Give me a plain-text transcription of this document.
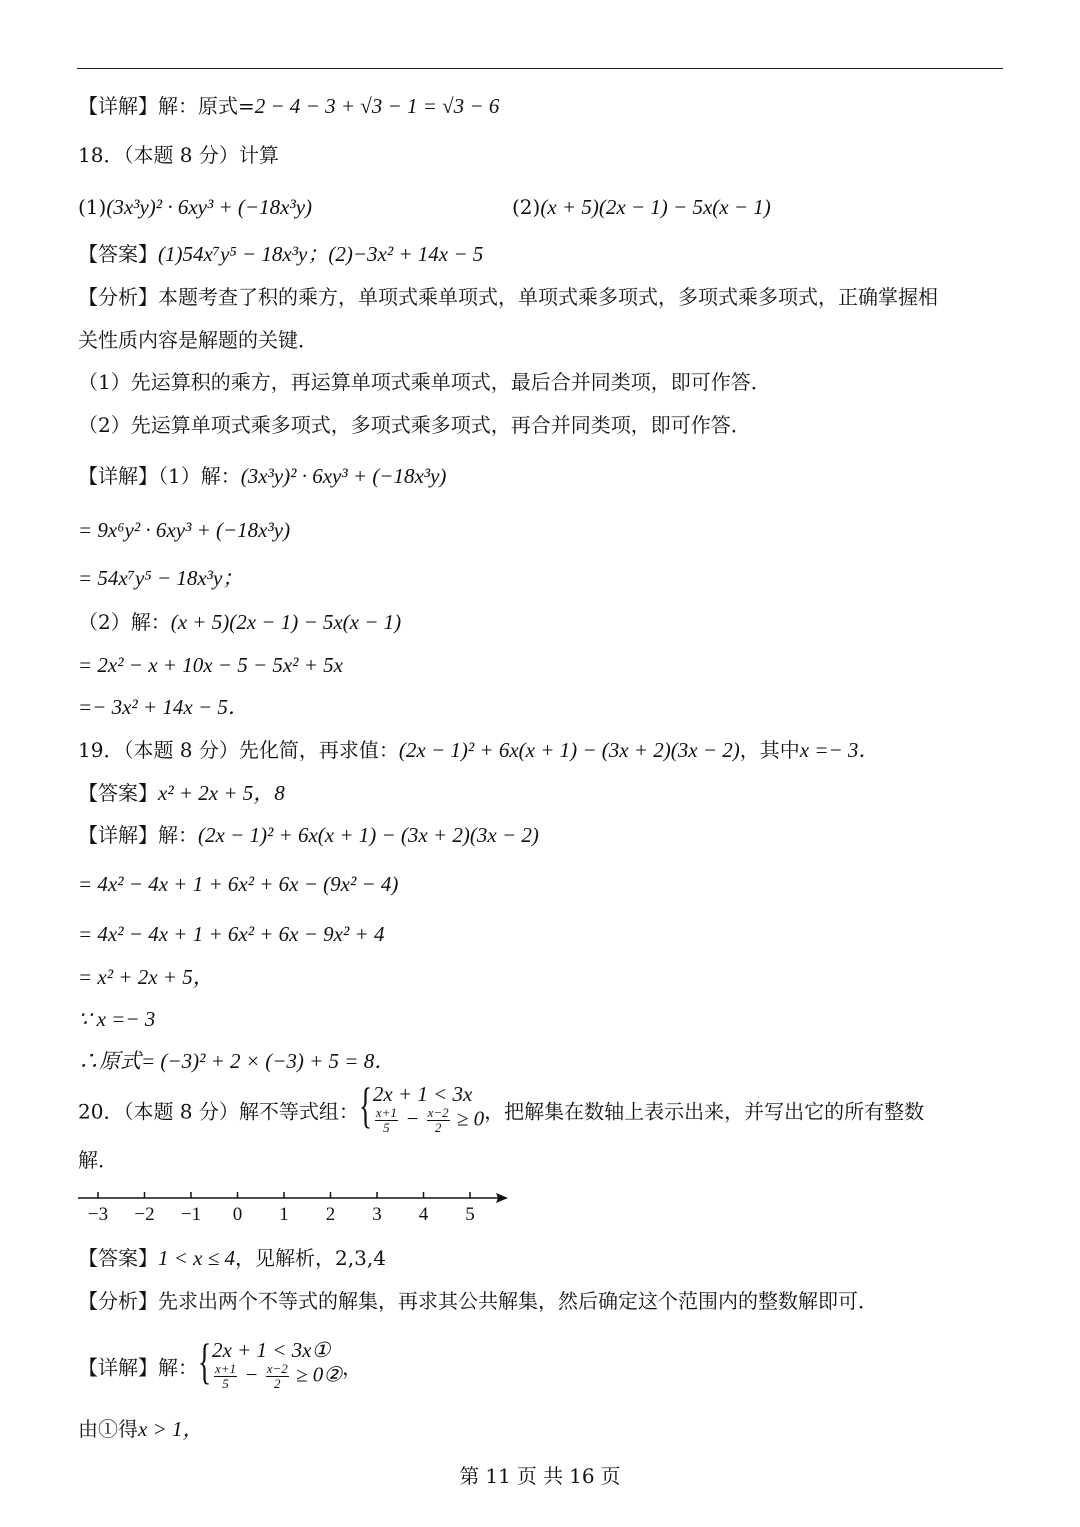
【详解】解：原式=2 − 4 − 3 + √3 − 1 = √3 − 6
18．（本题 8 分）计算
(1)(3x³y)² · 6xy³ + (−18x³y)	(2)(x + 5)(2x − 1) − 5x(x − 1)
【答案】(1)54x⁷y⁵ − 18x³y；(2)−3x² + 14x − 5
【分析】本题考查了积的乘方，单项式乘单项式，单项式乘多项式，多项式乘多项式，正确掌握相
关性质内容是解题的关键．
（1）先运算积的乘方，再运算单项式乘单项式，最后合并同类项，即可作答．
（2）先运算单项式乘多项式，多项式乘多项式，再合并同类项，即可作答．
【详解】（1）解：(3x³y)² · 6xy³ + (−18x³y)
= 9x⁶y² · 6xy³ + (−18x³y)
= 54x⁷y⁵ − 18x³y；
（2）解：(x + 5)(2x − 1) − 5x(x − 1)
= 2x² − x + 10x − 5 − 5x² + 5x
=− 3x² + 14x − 5．
19．（本题 8 分）先化简，再求值：(2x − 1)² + 6x(x + 1) − (3x + 2)(3x − 2)，其中x =− 3．
【答案】x² + 2x + 5，8
【详解】解：(2x − 1)² + 6x(x + 1) − (3x + 2)(3x − 2)
= 4x² − 4x + 1 + 6x² + 6x − (9x² − 4)
= 4x² − 4x + 1 + 6x² + 6x − 9x² + 4
= x² + 2x + 5，
∵ x =− 3
∴原式= (−3)² + 2 × (−3) + 5 = 8．
20．（本题 8 分）解不等式组： { 2x + 1 < 3x
$\frac{x+1}{5} - \frac{x-2}{2} \ge 0$ ，把解集在数轴上表示出来，并写出它的所有整数
解．
−3 −2 −1 0 1 2 3 4 5
【答案】1 < x ≤ 4，见解析，2,3,4
【分析】先求出两个不等式的解集，再求其公共解集，然后确定这个范围内的整数解即可．
【详解】解： { 2x + 1 < 3x①
$\frac{x+1}{5} - \frac{x-2}{2}$ ≥ 0② ，
由①得x > 1，
第 11 页 共 16 页
